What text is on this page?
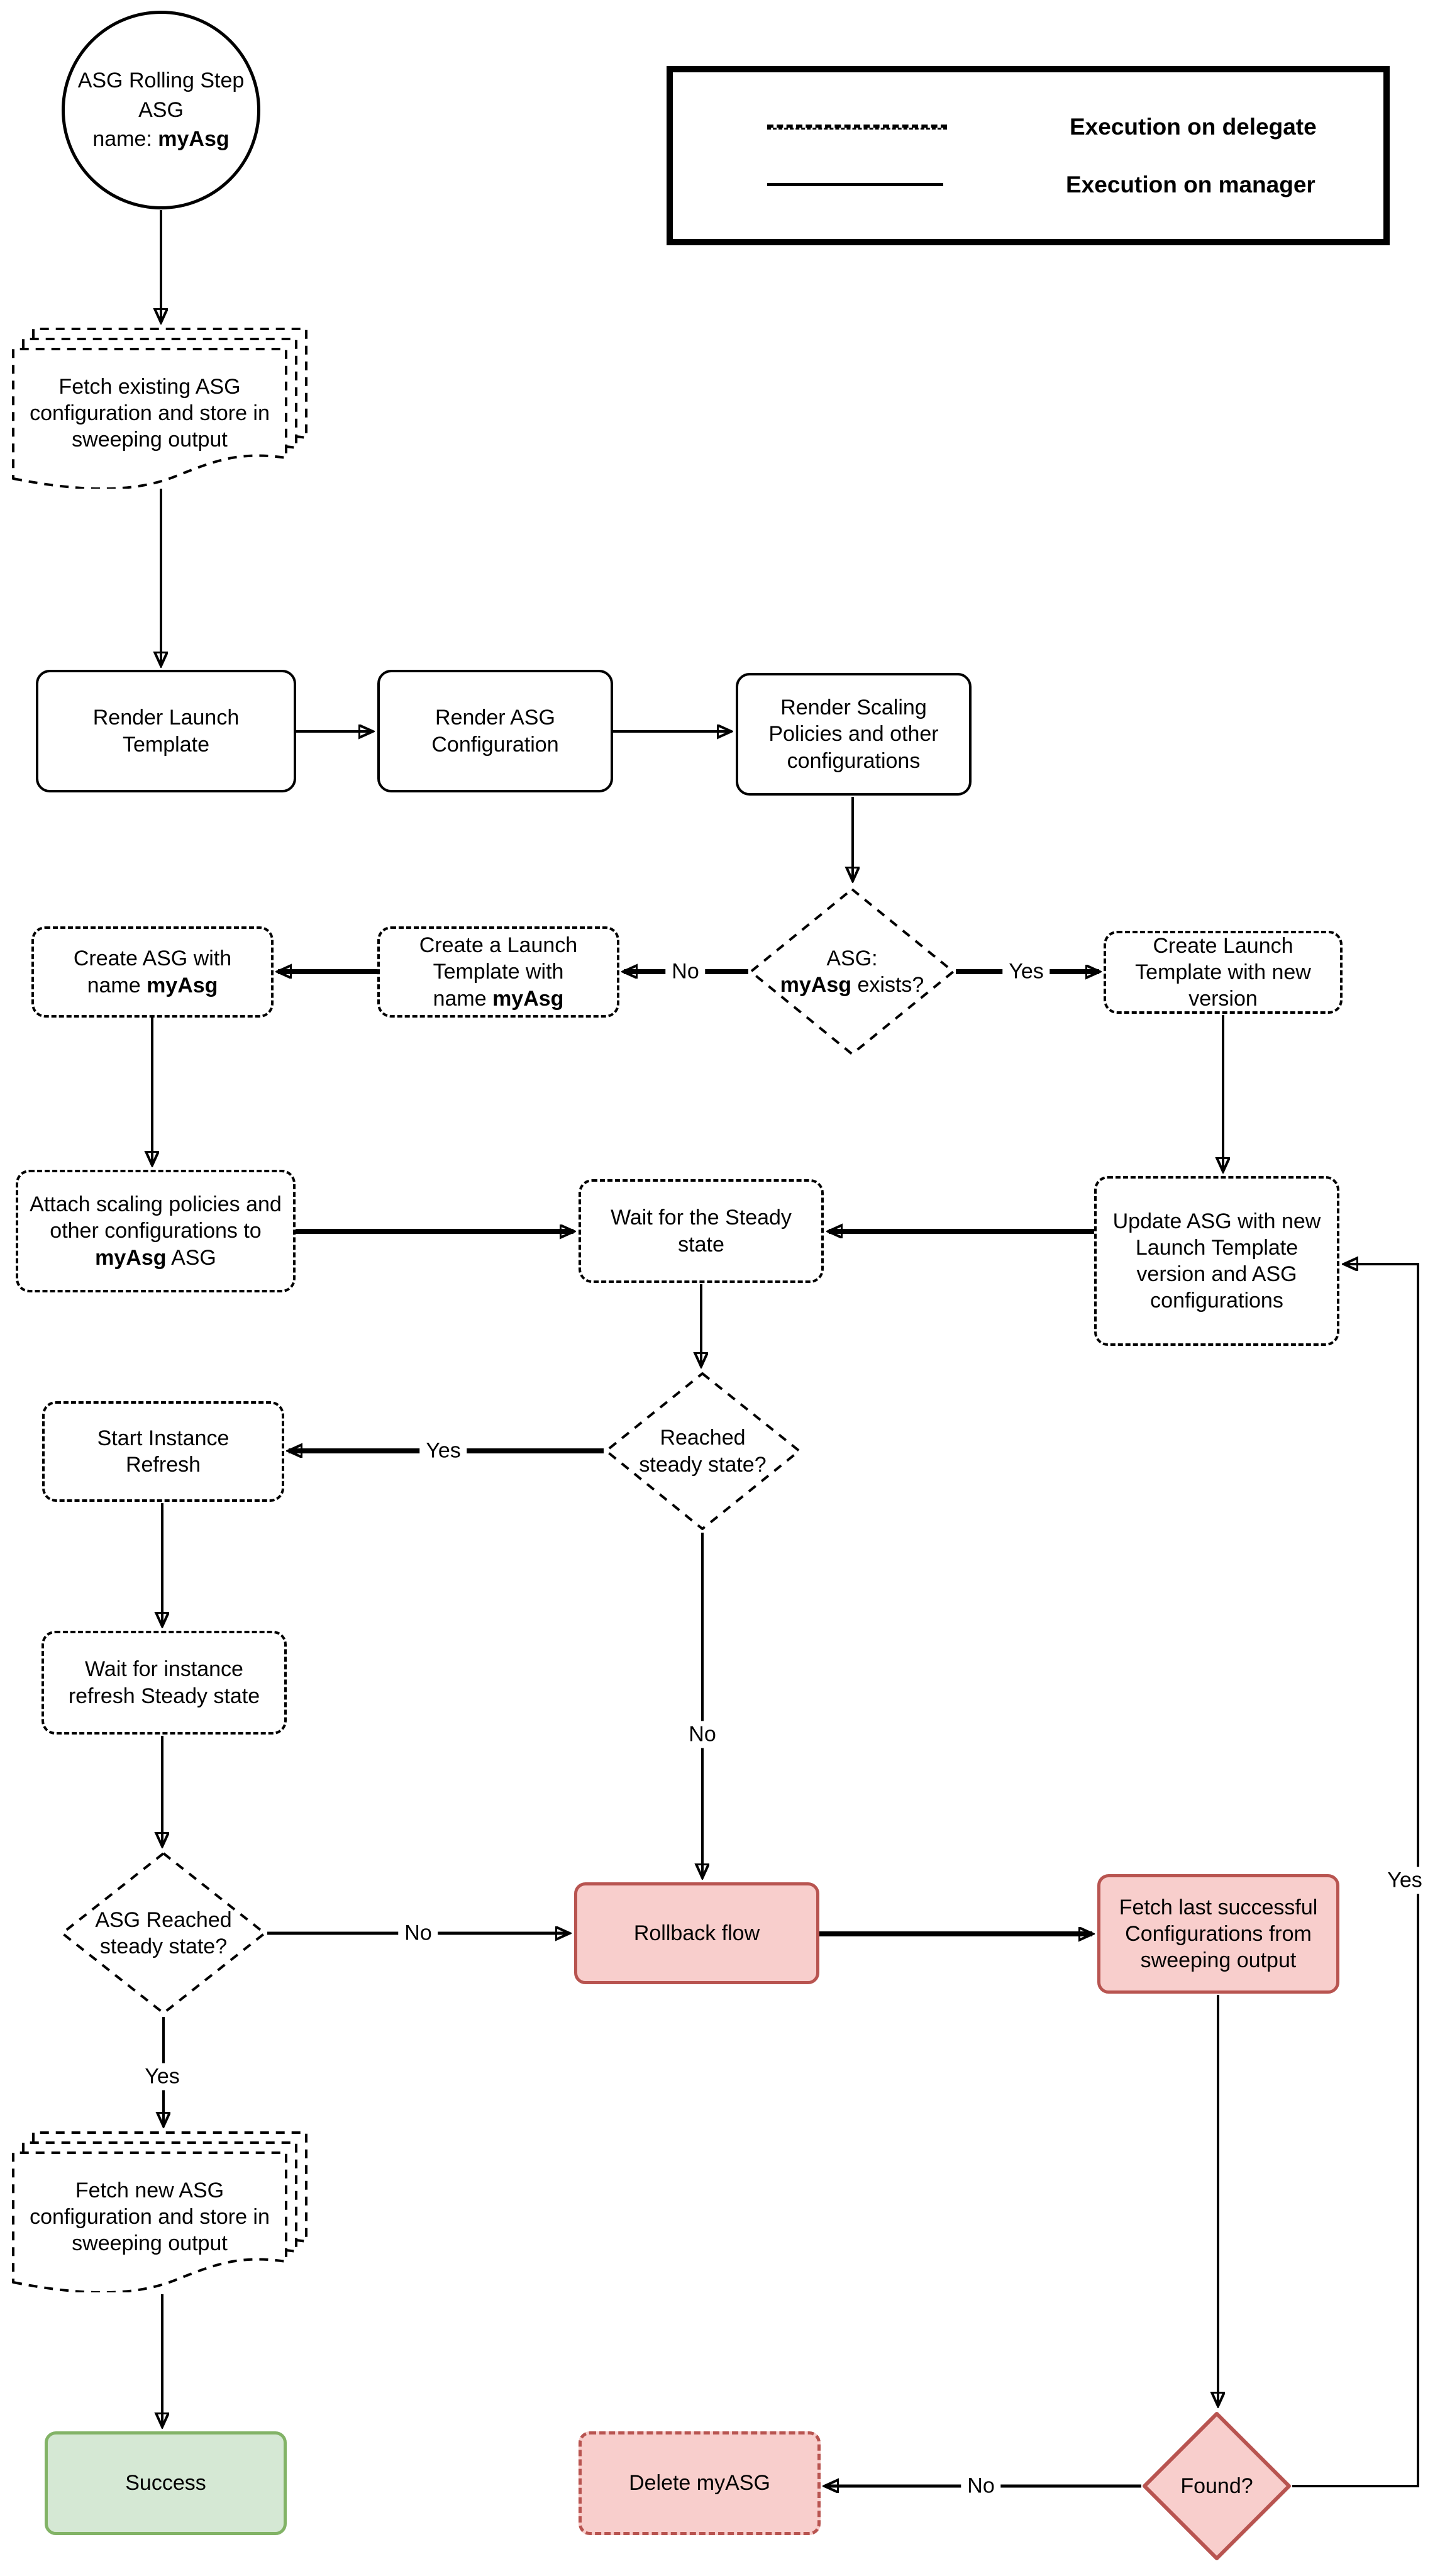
ASG Rolling Step
ASG
name: myAsg	Execution on delegate
Execution on manager
Fetch existing ASG configuration and store in sweeping output
Render Launch Template
Render ASG Configuration
Render Scaling Policies and other configurations
ASG:
myAsg exists?
Create ASG with name myAsg
Create a Launch Template with name myAsg
Create Launch Template with new version
Attach scaling policies and other configurations to myAsg ASG
Wait for the Steady state
Update ASG with new Launch Template version and ASG configurations
Reached steady state?
Start Instance Refresh
Wait for instance refresh Steady state
ASG Reached steady state?
Rollback flow
Fetch last successful Configurations from sweeping output
Fetch new ASG configuration and store in sweeping output
Success	Delete myASG	Found?
No	Yes
Yes
No
No
Yes
No
Yes
